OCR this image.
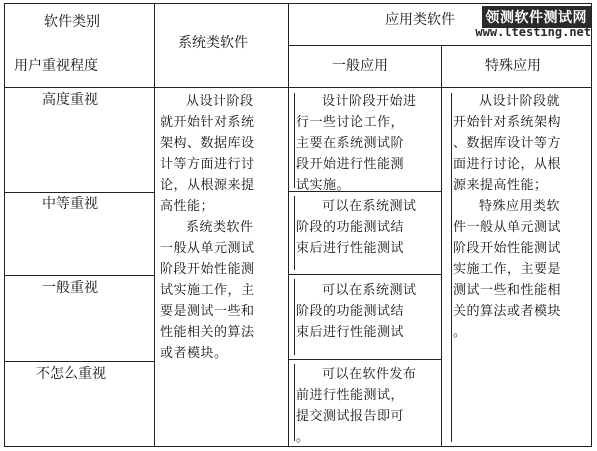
软件类别
用户重视程度
系统类软件
应用类软件
一般应用	特殊应用
领测软件测试网
www.ltesting.net
高度重视
中等重视
一般重视
不怎么重视
从设计阶段
就开始针对系统
架构、数据库设
计等方面进行讨
论，从根源来提
高性能；
系统类软件
一般从单元测试
阶段开始性能测
试实施工作，主
要是测试一些和
性能相关的算法
或者模块。
设计阶段开始进
行一些讨论工作，
主要在系统测试阶
段开始进行性能测
试实施。
可以在系统测试
阶段的功能测试结
束后进行性能测试
可以在系统测试
阶段的功能测试结
束后进行性能测试
可以在软件发布
前进行性能测试，
提交测试报告即可
。
从设计阶段就
开始针对系统架构
、数据库设计等方
面进行讨论，从根
源来提高性能；
特殊应用类软
件一般从单元测试
阶段开始性能测试
实施工作，主要是
测试一些和性能相
关的算法或者模块
。
